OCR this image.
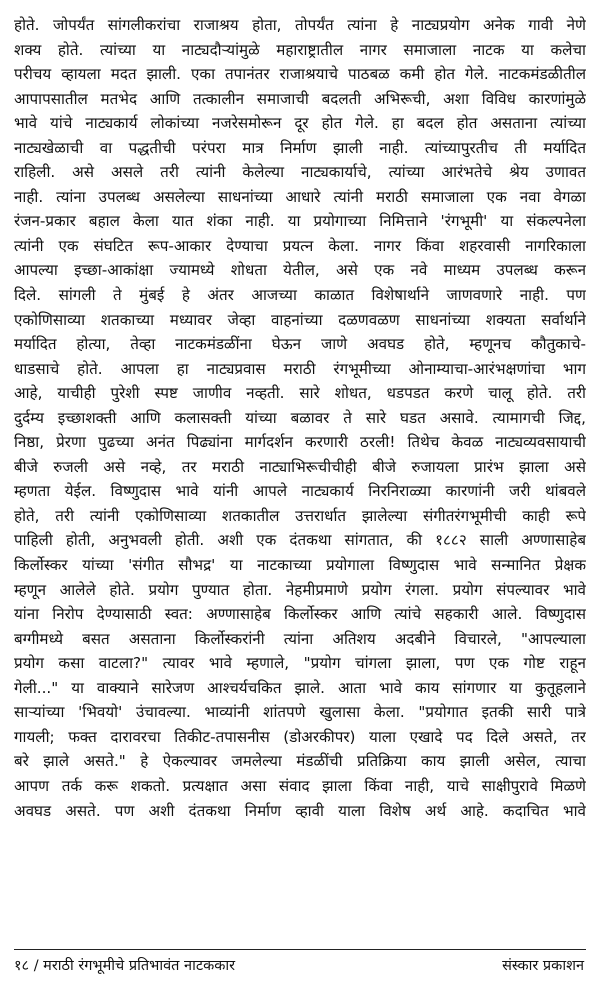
होते. जोपर्यंत सांगलीकरांचा राजाश्रय होता, तोपर्यंत त्यांना हे नाट्यप्रयोग अनेक गावी नेणे
शक्य होते. त्यांच्या या नाट्यदौऱ्यांमुळे महाराष्ट्रातील नागर समाजाला नाटक या कलेचा
परीचय व्हायला मदत झाली. एका तपानंतर राजाश्रयाचे पाठबळ कमी होत गेले. नाटकमंडळीतील
आपापसातील मतभेद आणि तत्कालीन समाजाची बदलती अभिरूची, अशा विविध कारणांमुळे
भावे यांचे नाट्यकार्य लोकांच्या नजरेसमोरून दूर होत गेले. हा बदल होत असताना त्यांच्या
नाट्यखेळाची वा पद्धतीची परंपरा मात्र निर्माण झाली नाही. त्यांच्यापुरतीच ती मर्यादित
राहिली. असे असले तरी त्यांनी केलेल्या नाट्यकार्याचे, त्यांच्या आरंभतेचे श्रेय उणावत
नाही. त्यांना उपलब्ध असलेल्या साधनांच्या आधारे त्यांनी मराठी समाजाला एक नवा वेगळा
रंजन-प्रकार बहाल केला यात शंका नाही. या प्रयोगाच्या निमित्ताने 'रंगभूमी' या संकल्पनेला
त्यांनी एक संघटित रूप-आकार देण्याचा प्रयत्न केला. नागर किंवा शहरवासी नागरिकाला
आपल्या इच्छा-आकांक्षा ज्यामध्ये शोधता येतील, असे एक नवे माध्यम उपलब्ध करून
दिले. सांगली ते मुंबई हे अंतर आजच्या काळात विशेषार्थाने जाणवणारे नाही. पण
एकोणिसाव्या शतकाच्या मध्यावर जेव्हा वाहनांच्या दळणवळण साधनांच्या शक्यता सर्वार्थाने
मर्यादित होत्या, तेव्हा नाटकमंडळींना घेऊन जाणे अवघड होते, म्हणूनच कौतुकाचे-
धाडसाचे होते. आपला हा नाट्यप्रवास मराठी रंगभूमीच्या ओनाम्याचा-आरंभक्षणांचा भाग
आहे, याचीही पुरेशी स्पष्ट जाणीव नव्हती. सारे शोधत, धडपडत करणे चालू होते. तरी
दुर्दम्य इच्छाशक्ती आणि कलासक्ती यांच्या बळावर ते सारे घडत असावे. त्यामागची जिद्द,
निष्ठा, प्रेरणा पुढच्या अनंत पिढ्यांना मार्गदर्शन करणारी ठरली! तिथेच केवळ नाट्यव्यवसायाची
बीजे रुजली असे नव्हे, तर मराठी नाट्याभिरूचीचीही बीजे रुजायला प्रारंभ झाला असे
म्हणता येईल. विष्णुदास भावे यांनी आपले नाट्यकार्य निरनिराळ्या कारणांनी जरी थांबवले
होते, तरी त्यांनी एकोणिसाव्या शतकातील उत्तरार्धात झालेल्या संगीतरंगभूमीची काही रूपे
पाहिली होती, अनुभवली होती. अशी एक दंतकथा सांगतात, की १८८२ साली अण्णासाहेब
किर्लोस्कर यांच्या 'संगीत सौभद्र' या नाटकाच्या प्रयोगाला विष्णुदास भावे सन्मानित प्रेक्षक
म्हणून आलेले होते. प्रयोग पुण्यात होता. नेहमीप्रमाणे प्रयोग रंगला. प्रयोग संपल्यावर भावे
यांना निरोप देण्यासाठी स्वत: अण्णासाहेब किर्लोस्कर आणि त्यांचे सहकारी आले. विष्णुदास
बग्गीमध्ये बसत असताना किर्लोस्करांनी त्यांना अतिशय अदबीने विचारले, "आपल्याला
प्रयोग कसा वाटला?" त्यावर भावे म्हणाले, "प्रयोग चांगला झाला, पण एक गोष्ट राहून
गेली..." या वाक्याने सारेजण आश्चर्यचकित झाले. आता भावे काय सांगणार या कुतूहलाने
साऱ्यांच्या 'भिवयो' उंचावल्या. भाव्यांनी शांतपणे खुलासा केला. "प्रयोगात इतकी सारी पात्रे
गायली; फक्त दारावरचा तिकीट-तपासनीस (डोअरकीपर) याला एखादे पद दिले असते, तर
बरे झाले असते." हे ऐकल्यावर जमलेल्या मंडळींची प्रतिक्रिया काय झाली असेल, त्याचा
आपण तर्क करू शकतो. प्रत्यक्षात असा संवाद झाला किंवा नाही, याचे साक्षीपुरावे मिळणे
अवघड असते. पण अशी दंतकथा निर्माण व्हावी याला विशेष अर्थ आहे. कदाचित भावे
१८ / मराठी रंगभूमीचे प्रतिभावंत नाटककार	संस्कार प्रकाशन
